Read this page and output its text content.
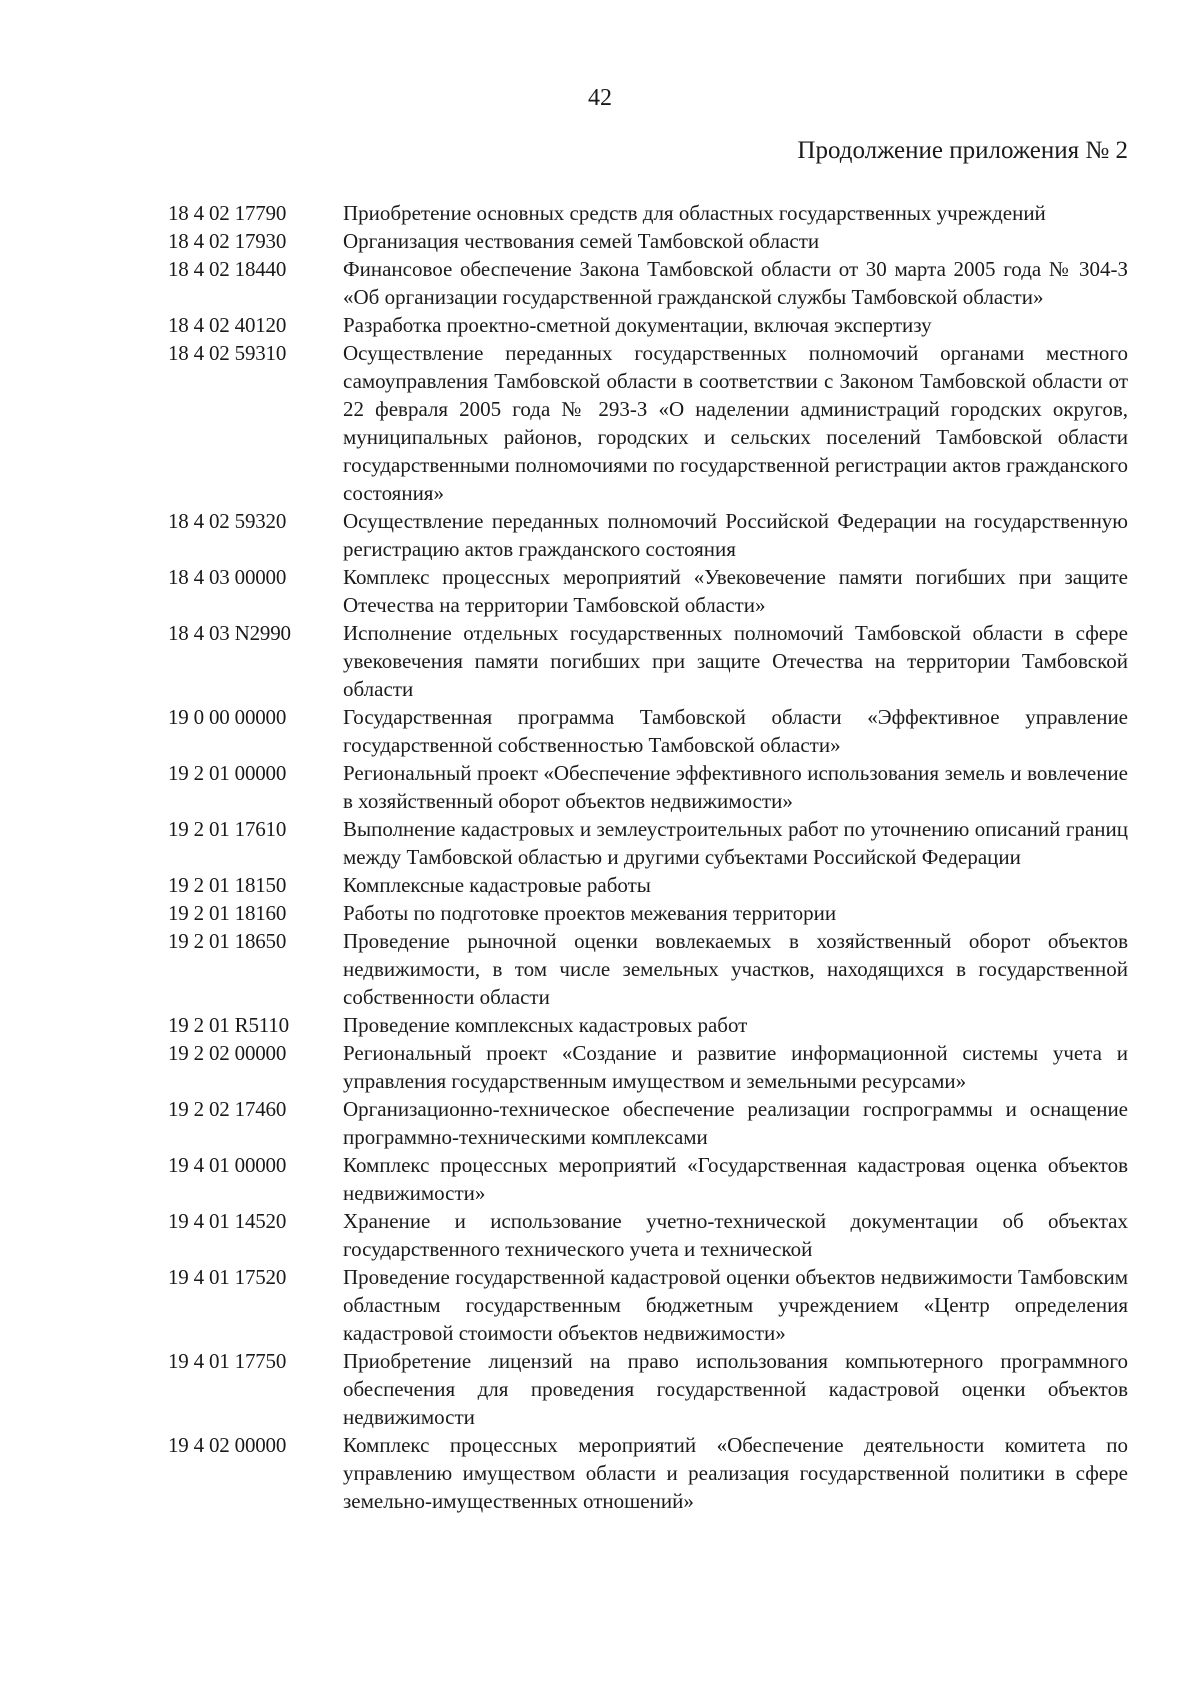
42
Продолжение приложения № 2
18 4 02 17790	Приобретение основных средств для областных государственных учреждений
18 4 02 17930	Организация чествования семей Тамбовской области
18 4 02 18440	Финансовое обеспечение Закона Тамбовской области от 30 марта 2005 года № 304-З «Об организации государственной гражданской службы Тамбовской области»
18 4 02 40120	Разработка проектно-сметной документации, включая экспертизу
18 4 02 59310	Осуществление переданных государственных полномочий органами местного самоуправления Тамбовской области в соответствии с Законом Тамбовской области от 22 февраля 2005 года № 293-З «О наделении администраций городских округов, муниципальных районов, городских и сельских поселений Тамбовской области государственными полномочиями по государственной регистрации актов гражданского состояния»
18 4 02 59320	Осуществление переданных полномочий Российской Федерации на государственную регистрацию актов гражданского состояния
18 4 03 00000	Комплекс процессных мероприятий «Увековечение памяти погибших при защите Отечества на территории Тамбовской области»
18 4 03 N2990	Исполнение отдельных государственных полномочий Тамбовской области в сфере увековечения памяти погибших при защите Отечества на территории Тамбовской области
19 0 00 00000	Государственная программа Тамбовской области «Эффективное управление государственной собственностью Тамбовской области»
19 2 01 00000	Региональный проект «Обеспечение эффективного использования земель и вовлечение в хозяйственный оборот объектов недвижимости»
19 2 01 17610	Выполнение кадастровых и землеустроительных работ по уточнению описаний границ между Тамбовской областью и другими субъектами Российской Федерации
19 2 01 18150	Комплексные кадастровые работы
19 2 01 18160	Работы по подготовке проектов межевания территории
19 2 01 18650	Проведение рыночной оценки вовлекаемых в хозяйственный оборот объектов недвижимости, в том числе земельных участков, находящихся в государственной собственности области
19 2 01 R5110	Проведение комплексных кадастровых работ
19 2 02 00000	Региональный проект «Создание и развитие информационной системы учета и управления государственным имуществом и земельными ресурсами»
19 2 02 17460	Организационно-техническое обеспечение реализации госпрограммы и оснащение программно-техническими комплексами
19 4 01 00000	Комплекс процессных мероприятий «Государственная кадастровая оценка объектов недвижимости»
19 4 01 14520	Хранение и использование учетно-технической документации об объектах государственного технического учета и технической
19 4 01 17520	Проведение государственной кадастровой оценки объектов недвижимости Тамбовским областным государственным бюджетным учреждением «Центр определения кадастровой стоимости объектов недвижимости»
19 4 01 17750	Приобретение лицензий на право использования компьютерного программного обеспечения для проведения государственной кадастровой оценки объектов недвижимости
19 4 02 00000	Комплекс процессных мероприятий «Обеспечение деятельности комитета по управлению имуществом области и реализация государственной политики в сфере земельно-имущественных отношений»
